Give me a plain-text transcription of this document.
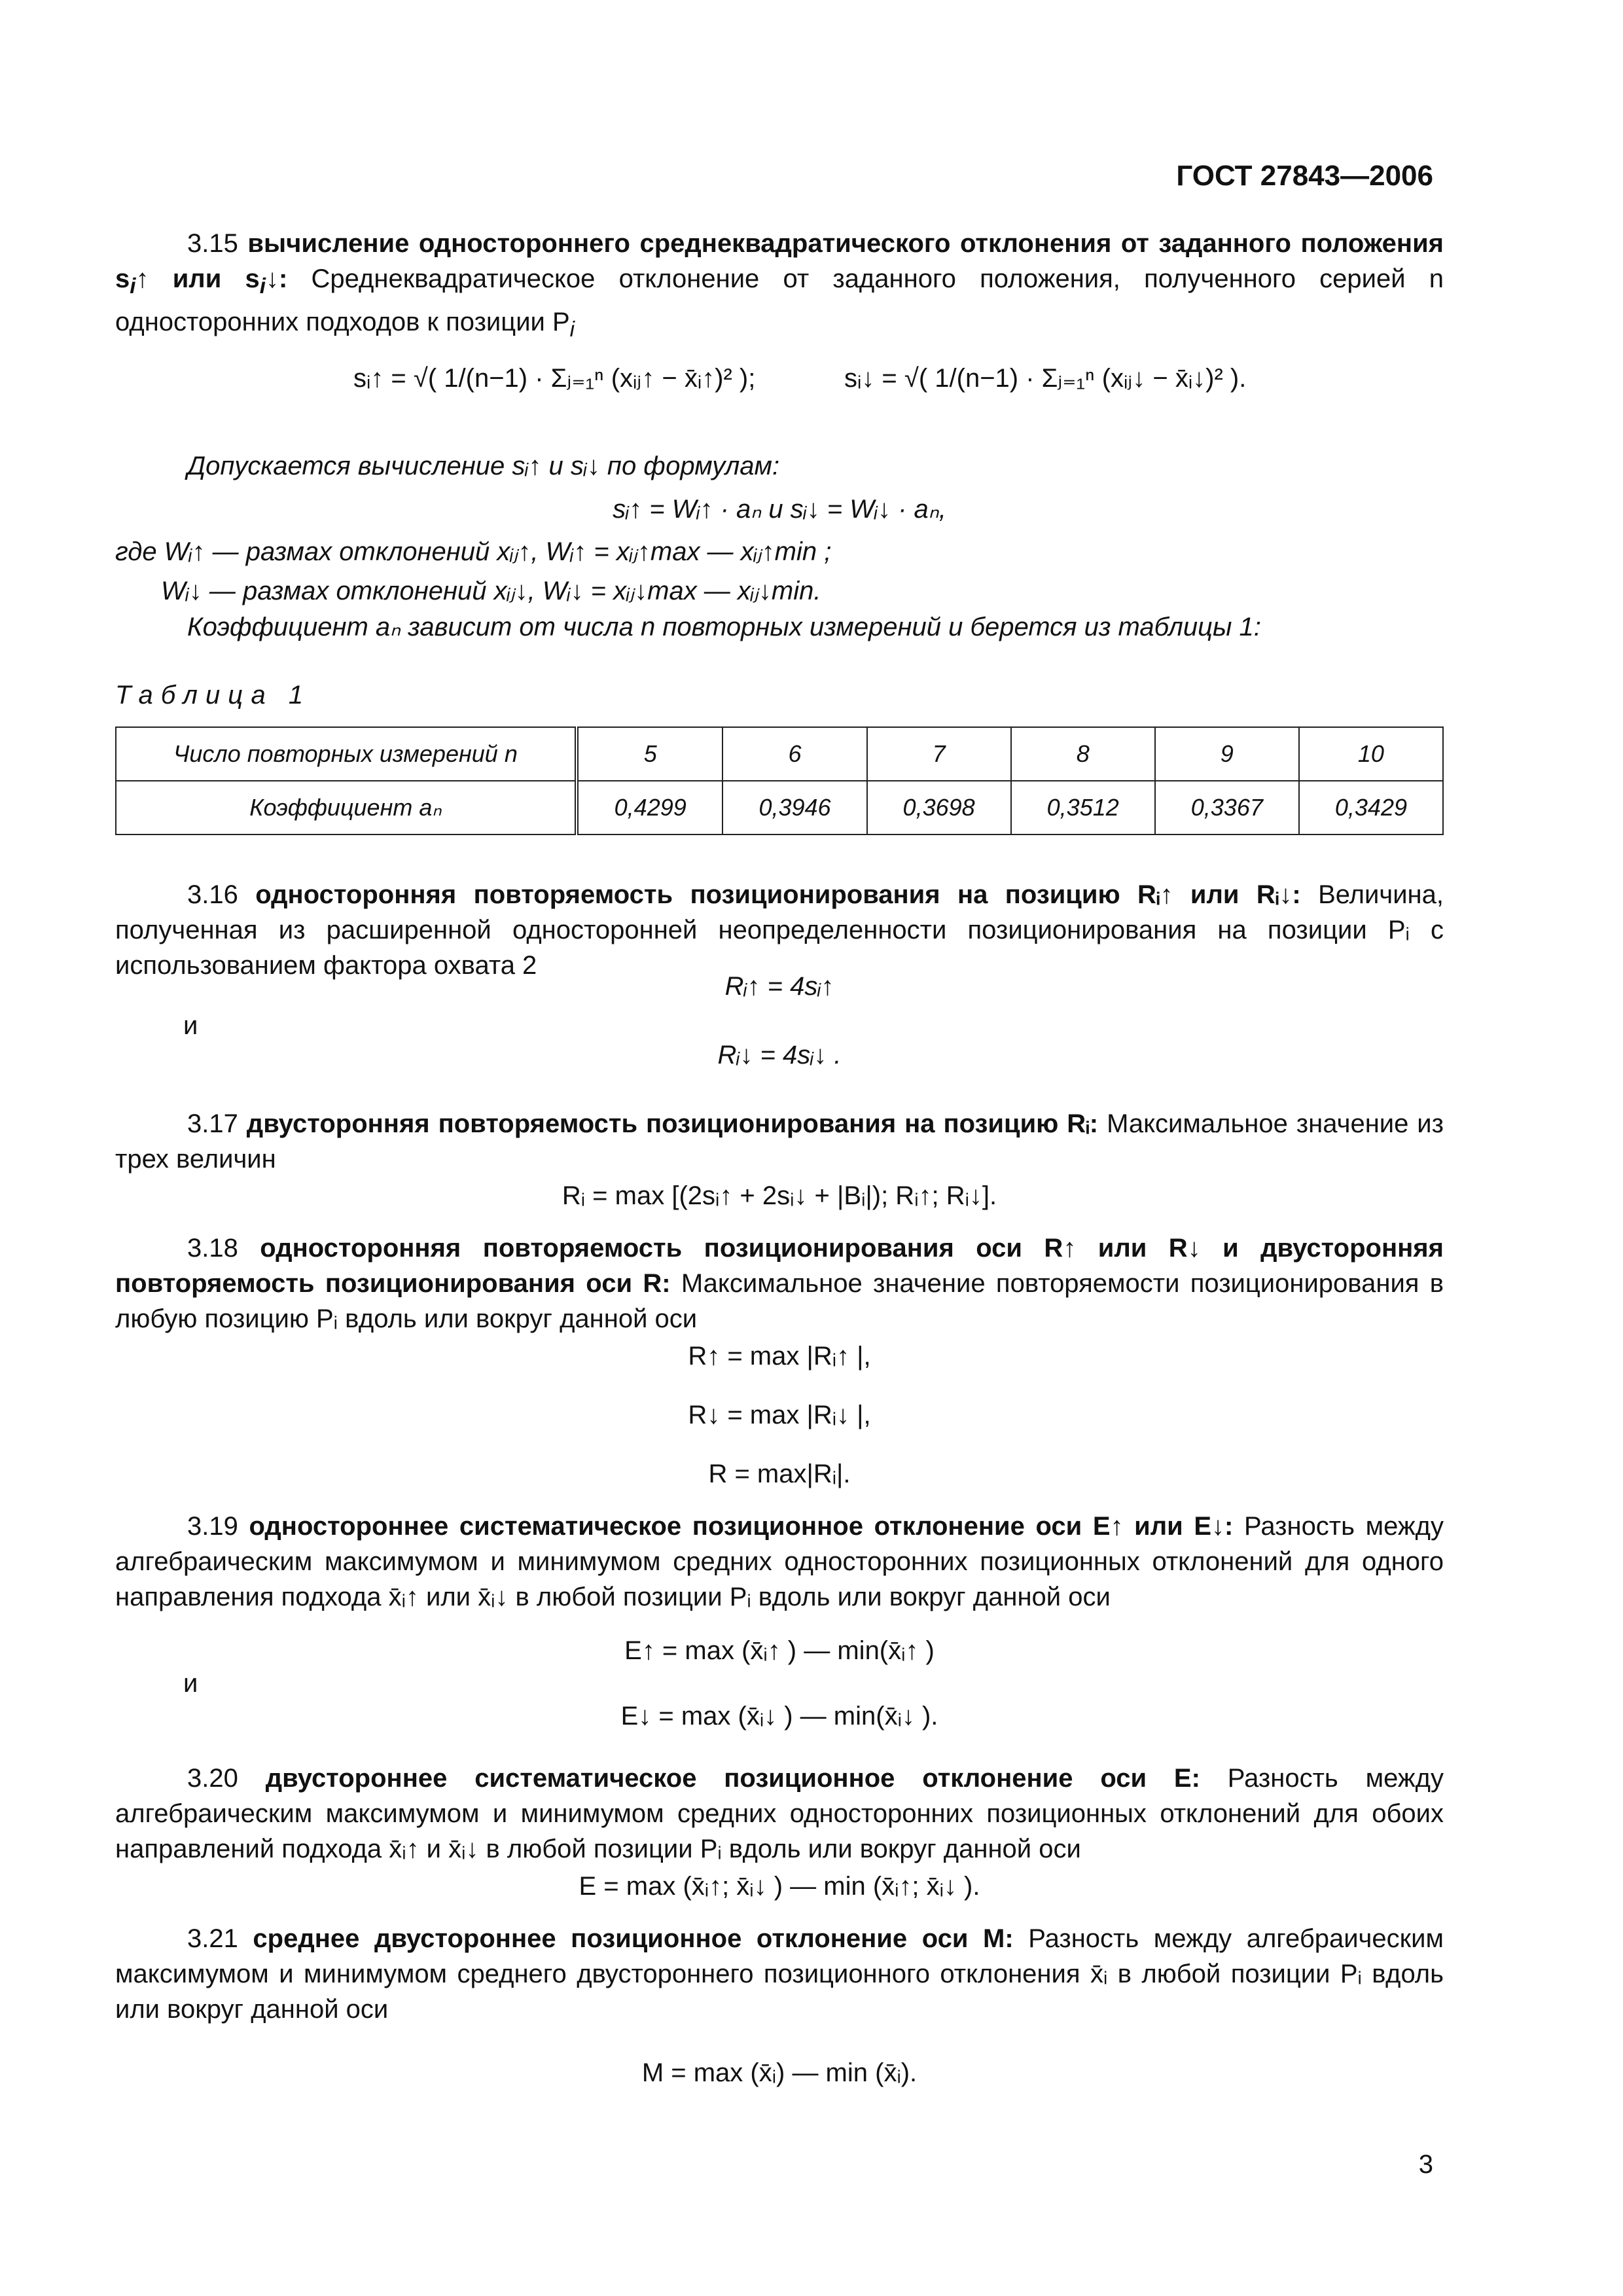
ГОСТ 27843—2006
3.15 вычисление одностороннего среднеквадратического отклонения от заданного положения $s_i↑$ или $s_i↓$: Среднеквадратическое отклонение от заданного положения, полученного серией n односторонних подходов к позиции $P_i$
sᵢ↑ = √( 1/(n−1) · Σⱼ₌₁ⁿ (xᵢⱼ↑ − x̄ᵢ↑)² );	sᵢ↓ = √( 1/(n−1) · Σⱼ₌₁ⁿ (xᵢⱼ↓ − x̄ᵢ↓)² ).
Допускается вычисление sᵢ↑ и sᵢ↓ по формулам:
sᵢ↑ = Wᵢ↑ · aₙ и sᵢ↓ = Wᵢ↓ · aₙ,
где Wᵢ↑ — размах отклонений xᵢⱼ↑, Wᵢ↑ = xᵢⱼ↑max — xᵢⱼ↑min ;
Wᵢ↓ — размах отклонений xᵢⱼ↓, Wᵢ↓ = xᵢⱼ↓max — xᵢⱼ↓min.
Коэффициент aₙ зависит от числа n повторных измерений и берется из таблицы 1:
Таблица 1
Число повторных измерений n	5	6	7	8	9	10
Коэффициент aₙ	0,4299	0,3946	0,3698	0,3512	0,3367	0,3429
3.16 односторонняя повторяемость позиционирования на позицию Rᵢ↑ или Rᵢ↓: Величина, полученная из расширенной односторонней неопределенности позиционирования на позиции Pᵢ с использованием фактора охвата 2
Rᵢ↑ = 4sᵢ↑
и
Rᵢ↓ = 4sᵢ↓ .
3.17 двусторонняя повторяемость позиционирования на позицию Rᵢ: Максимальное значение из трех величин
Rᵢ = max [(2sᵢ↑ + 2sᵢ↓ + |Bᵢ|); Rᵢ↑; Rᵢ↓].
3.18 односторонняя повторяемость позиционирования оси R↑ или R↓ и двусторонняя повторяемость позиционирования оси R: Максимальное значение повторяемости позиционирования в любую позицию Pᵢ вдоль или вокруг данной оси
R↑ = max |Rᵢ↑ |,
R↓ = max |Rᵢ↓ |,
R = max|Rᵢ|.
3.19 одностороннее систематическое позиционное отклонение оси E↑ или E↓: Разность между алгебраическим максимумом и минимумом средних односторонних позиционных отклонений для одного направления подхода x̄ᵢ↑ или x̄ᵢ↓ в любой позиции Pᵢ вдоль или вокруг данной оси
E↑ = max (x̄ᵢ↑ ) — min(x̄ᵢ↑ )
и
E↓ = max (x̄ᵢ↓ ) — min(x̄ᵢ↓ ).
3.20 двустороннее систематическое позиционное отклонение оси E: Разность между алгебраическим максимумом и минимумом средних односторонних позиционных отклонений для обоих направлений подхода x̄ᵢ↑ и x̄ᵢ↓ в любой позиции Pᵢ вдоль или вокруг данной оси
E = max (x̄ᵢ↑; x̄ᵢ↓ ) — min (x̄ᵢ↑; x̄ᵢ↓ ).
3.21 среднее двустороннее позиционное отклонение оси M: Разность между алгебраическим максимумом и минимумом среднего двустороннего позиционного отклонения x̄ᵢ в любой позиции Pᵢ вдоль или вокруг данной оси
M = max (x̄ᵢ) — min (x̄ᵢ).
3
